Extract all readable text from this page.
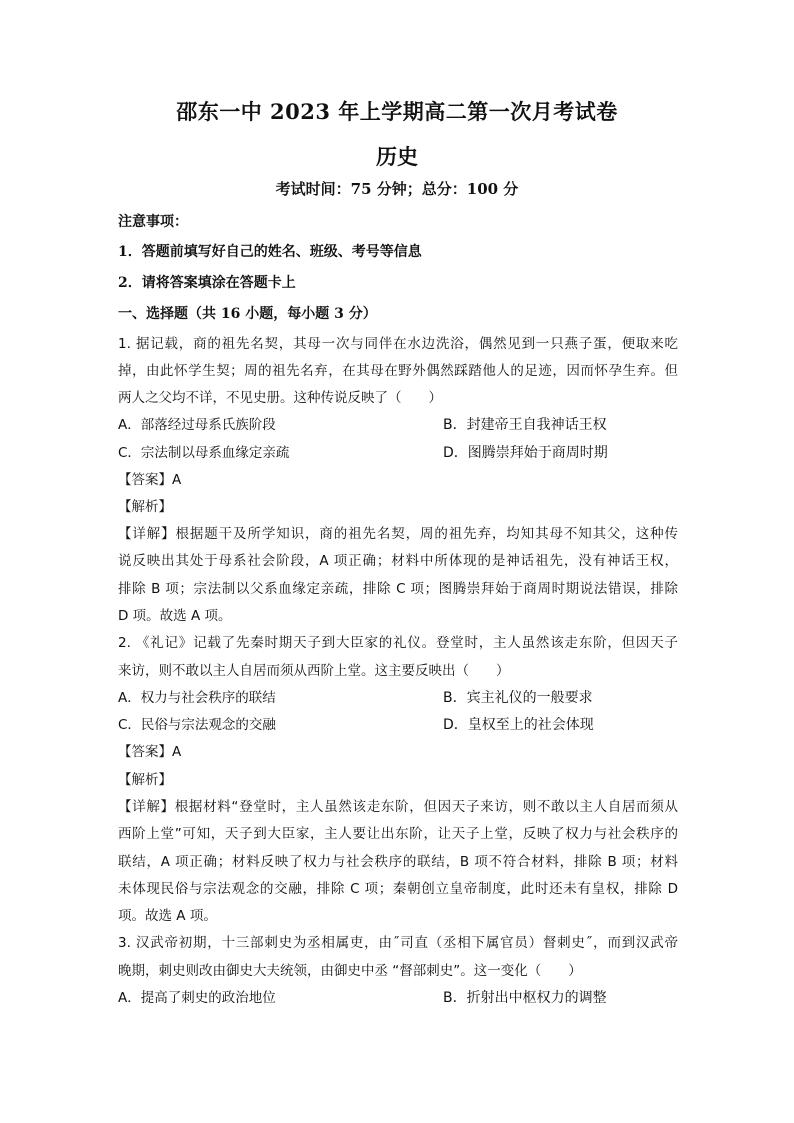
邵东一中 2023 年上学期高二第一次月考试卷
历史
考试时间：75 分钟；总分：100 分
注意事项：
1．答题前填写好自己的姓名、班级、考号等信息
2．请将答案填涂在答题卡上
一、选择题（共 16 小题，每小题 3 分）
1. 据记载，商的祖先名契，其母一次与同伴在水边洗浴，偶然见到一只燕子蛋，便取来吃
掉，由此怀学生契；周的祖先名弃，在其母在野外偶然踩踏他人的足迹，因而怀孕生弃。但
两人之父均不详，不见史册。这种传说反映了（　　）
A．部落经过母系氏族阶段	B．封建帝王自我神话王权
C．宗法制以母系血缘定亲疏	D．图腾崇拜始于商周时期
【答案】A
【解析】
【详解】根据题干及所学知识，商的祖先名契，周的祖先弃，均知其母不知其父，这种传
说反映出其处于母系社会阶段，A 项正确；材料中所体现的是神话祖先，没有神话王权，
排除 B 项；宗法制以父系血缘定亲疏，排除 C 项；图腾崇拜始于商周时期说法错误，排除
D 项。故选 A 项。
2. 《礼记》记载了先秦时期天子到大臣家的礼仪。登堂时，主人虽然该走东阶，但因天子
来访，则不敢以主人自居而须从西阶上堂。这主要反映出（　　）
A．权力与社会秩序的联结	B．宾主礼仪的一般要求
C．民俗与宗法观念的交融	D．皇权至上的社会体现
【答案】A
【解析】
【详解】根据材料“登堂时，主人虽然该走东阶，但因天子来访，则不敢以主人自居而须从
西阶上堂”可知，天子到大臣家，主人要让出东阶，让天子上堂，反映了权力与社会秩序的
联结，A 项正确；材料反映了权力与社会秩序的联结，B 项不符合材料，排除 B 项；材料
未体现民俗与宗法观念的交融，排除 C 项；秦朝创立皇帝制度，此时还未有皇权，排除 D
项。故选 A 项。
3. 汉武帝初期，十三部刺史为丞相属吏，由˝司直（丞相下属官员）督刺史˝，而到汉武帝
晚期，刺史则改由御史大夫统领，由御史中丞 “督部刺史”。这一变化（　　）
A．提高了刺史的政治地位	B．折射出中枢权力的调整
